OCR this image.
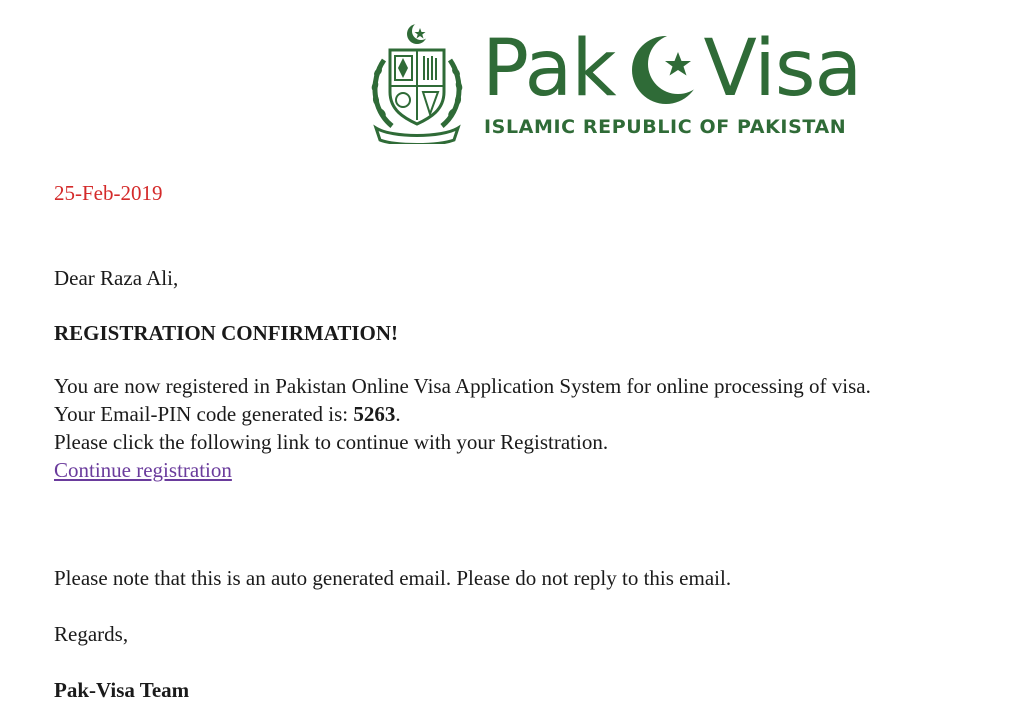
Pak Visa
ISLAMIC REPUBLIC OF PAKISTAN
25-Feb-2019
Dear Raza Ali,
REGISTRATION CONFIRMATION!
You are now registered in Pakistan Online Visa Application System for online processing of visa.
Your Email-PIN code generated is: 5263.
Please click the following link to continue with your Registration.
Continue registration
Please note that this is an auto generated email. Please do not reply to this email.
Regards,
Pak-Visa Team
